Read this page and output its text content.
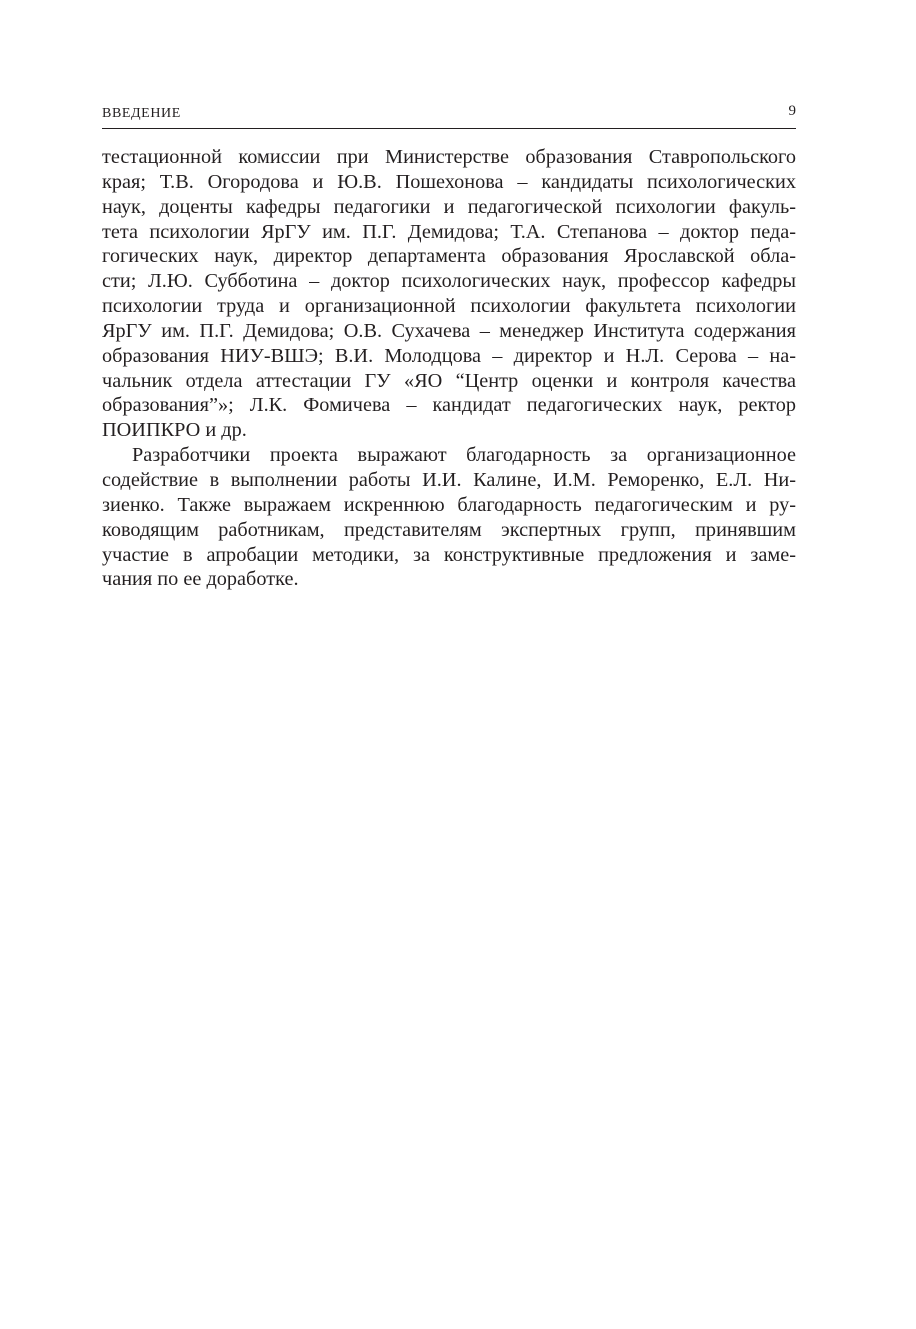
ВВЕДЕНИЕ	9
тестационной комиссии при Министерстве образования Ставропольского
края; Т.В. Огородова и Ю.В. Пошехонова – кандидаты психологических
наук, доценты кафедры педагогики и педагогической психологии факуль-
тета психологии ЯрГУ им. П.Г. Демидова; Т.А. Степанова – доктор педа-
гогических наук, директор департамента образования Ярославской обла-
сти; Л.Ю. Субботина – доктор психологических наук, профессор кафедры
психологии труда и организационной психологии факультета психологии
ЯрГУ им. П.Г. Демидова; О.В. Сухачева – менеджер Института содержания
образования НИУ-ВШЭ; В.И. Молодцова – директор и Н.Л. Серова – на-
чальник отдела аттестации ГУ «ЯО “Центр оценки и контроля качества
образования”»; Л.К. Фомичева – кандидат педагогических наук, ректор
ПОИПКРО и др.
Разработчики проекта выражают благодарность за организационное
содействие в выполнении работы И.И. Калине, И.М. Реморенко, Е.Л. Ни-
зиенко. Также выражаем искреннюю благодарность педагогическим и ру-
ководящим работникам, представителям экспертных групп, принявшим
участие в апробации методики, за конструктивные предложения и заме-
чания по ее доработке.
